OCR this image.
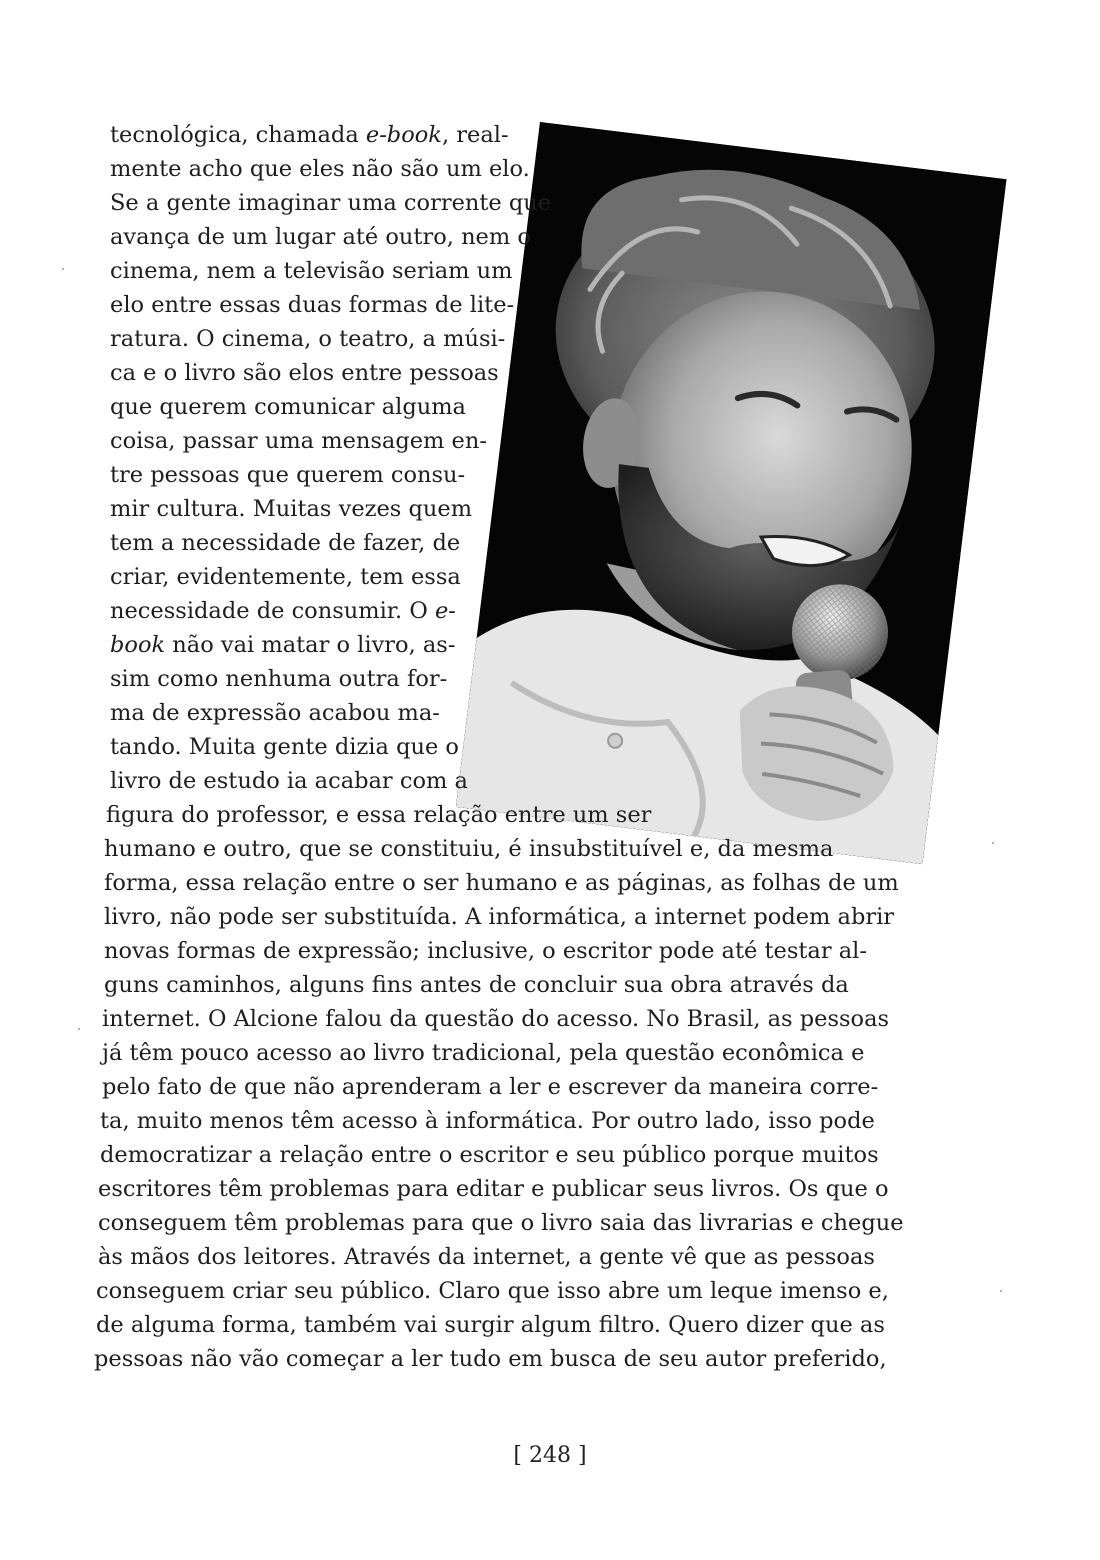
tecnológica, chamada e-book, real-
mente acho que eles não são um elo.
Se a gente imaginar uma corrente que
avança de um lugar até outro, nem o
cinema, nem a televisão seriam um
elo entre essas duas formas de lite-
ratura. O cinema, o teatro, a músi-
ca e o livro são elos entre pessoas
que querem comunicar alguma
coisa, passar uma mensagem en-
tre pessoas que querem consu-
mir cultura. Muitas vezes quem
tem a necessidade de fazer, de
criar, evidentemente, tem essa
necessidade de consumir. O e-
book não vai matar o livro, as-
sim como nenhuma outra for-
ma de expressão acabou ma-
tando. Muita gente dizia que o
livro de estudo ia acabar com a
figura do professor, e essa relação entre um ser
humano e outro, que se constituiu, é insubstituível e, da mesma
forma, essa relação entre o ser humano e as páginas, as folhas de um
livro, não pode ser substituída. A informática, a internet podem abrir
novas formas de expressão; inclusive, o escritor pode até testar al-
guns caminhos, alguns fins antes de concluir sua obra através da
internet. O Alcione falou da questão do acesso. No Brasil, as pessoas
já têm pouco acesso ao livro tradicional, pela questão econômica e
pelo fato de que não aprenderam a ler e escrever da maneira corre-
ta, muito menos têm acesso à informática. Por outro lado, isso pode
democratizar a relação entre o escritor e seu público porque muitos
escritores têm problemas para editar e publicar seus livros. Os que o
conseguem têm problemas para que o livro saia das livrarias e chegue
às mãos dos leitores. Através da internet, a gente vê que as pessoas
conseguem criar seu público. Claro que isso abre um leque imenso e,
de alguma forma, também vai surgir algum filtro. Quero dizer que as
pessoas não vão começar a ler tudo em busca de seu autor preferido,
[ 248 ]
